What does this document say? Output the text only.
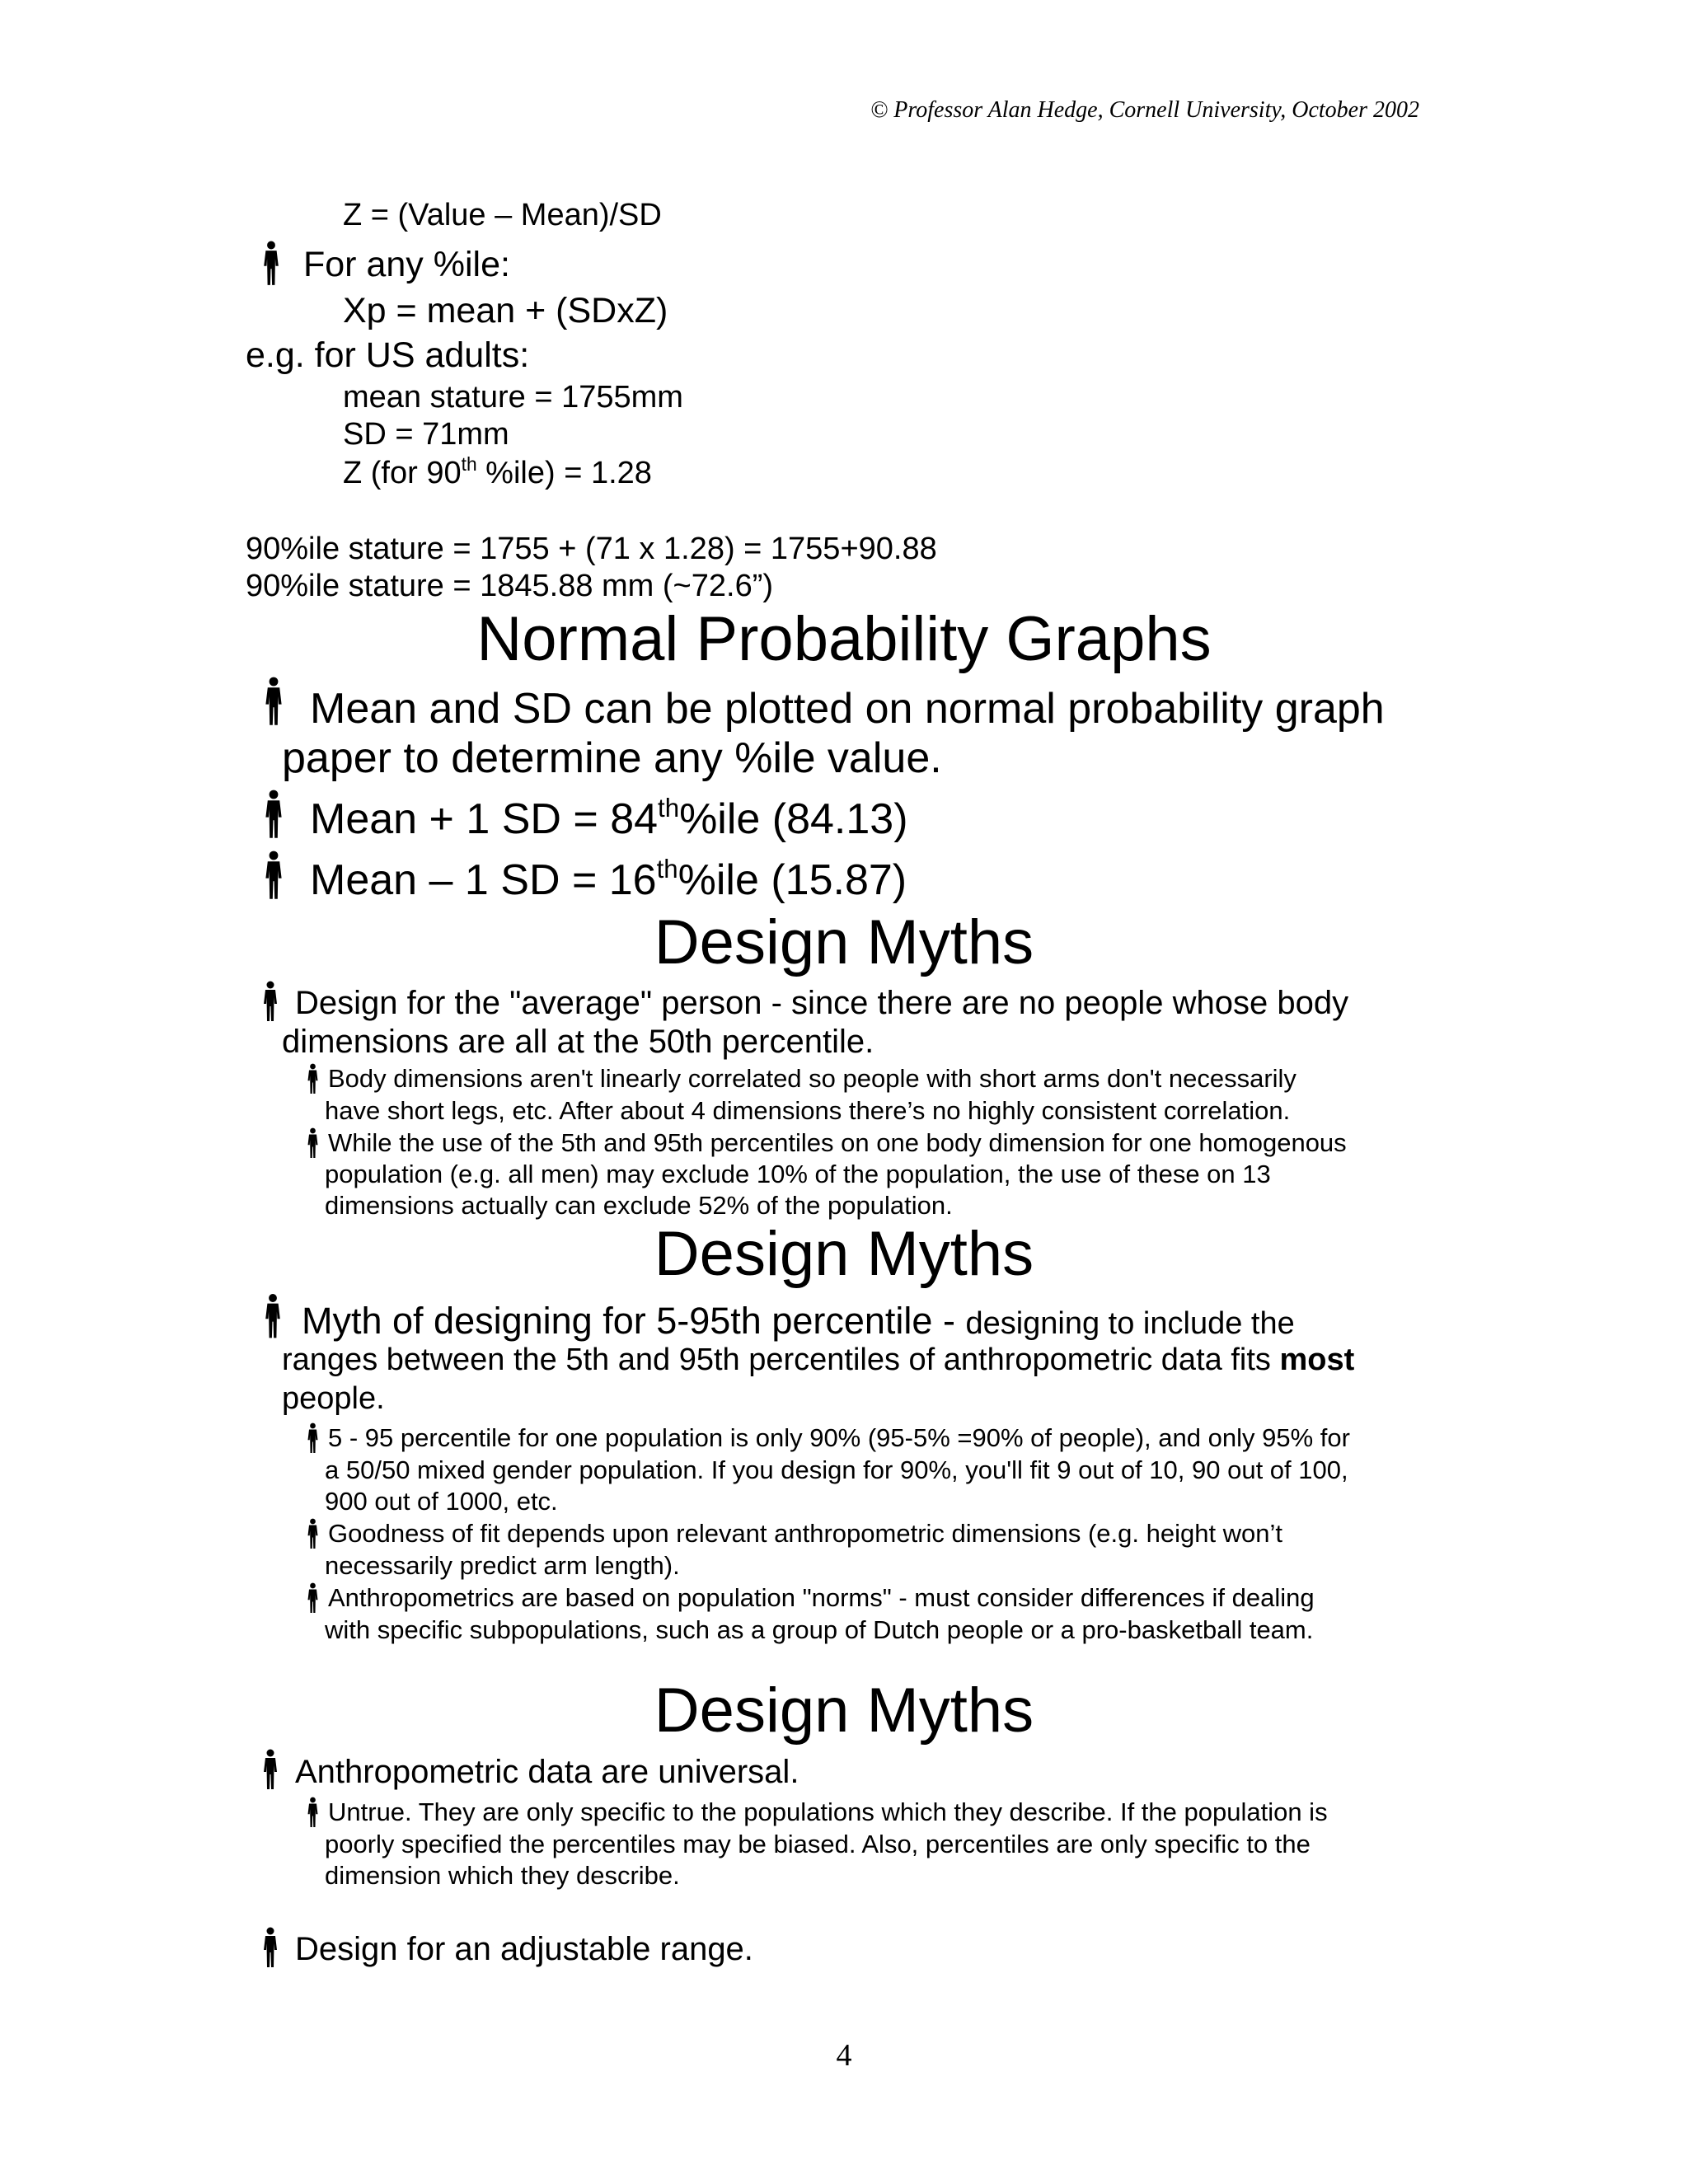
© Professor Alan Hedge, Cornell University, October 2002
Z = (Value – Mean)/SD
For any %ile:
Xp = mean + (SDxZ)
e.g. for US adults:
mean stature = 1755mm
SD = 71mm
Z (for 90th %ile) = 1.28
90%ile stature = 1755 + (71 x 1.28) = 1755+90.88
90%ile stature = 1845.88 mm (~72.6”)
Normal Probability Graphs
Mean and SD can be plotted on normal probability graph
paper to determine any %ile value.
Mean + 1 SD = 84th%ile (84.13)
Mean – 1 SD = 16th%ile (15.87)
Design Myths
Design for the "average" person - since there are no people whose body
dimensions are all at the 50th percentile.
Body dimensions aren't linearly correlated so people with short arms don't necessarily
have short legs, etc. After about 4 dimensions there’s no highly consistent correlation.
While the use of the 5th and 95th percentiles on one body dimension for one homogenous
population (e.g. all men) may exclude 10% of the population, the use of these on 13
dimensions actually can exclude 52% of the population.
Design Myths
Myth of designing for 5-95th percentile - designing to include the
ranges between the 5th and 95th percentiles of anthropometric data fits most
people.
5 - 95 percentile for one population is only 90% (95-5% =90% of people), and only 95% for
a 50/50 mixed gender population. If you design for 90%, you'll fit 9 out of 10, 90 out of 100,
900 out of 1000, etc.
Goodness of fit depends upon relevant anthropometric dimensions (e.g. height won’t
necessarily predict arm length).
Anthropometrics are based on population "norms" - must consider differences if dealing
with specific subpopulations, such as a group of Dutch people or a pro-basketball team.
Design Myths
Anthropometric data are universal.
Untrue. They are only specific to the populations which they describe. If the population is
poorly specified the percentiles may be biased. Also, percentiles are only specific to the
dimension which they describe.
Design for an adjustable range.
4
